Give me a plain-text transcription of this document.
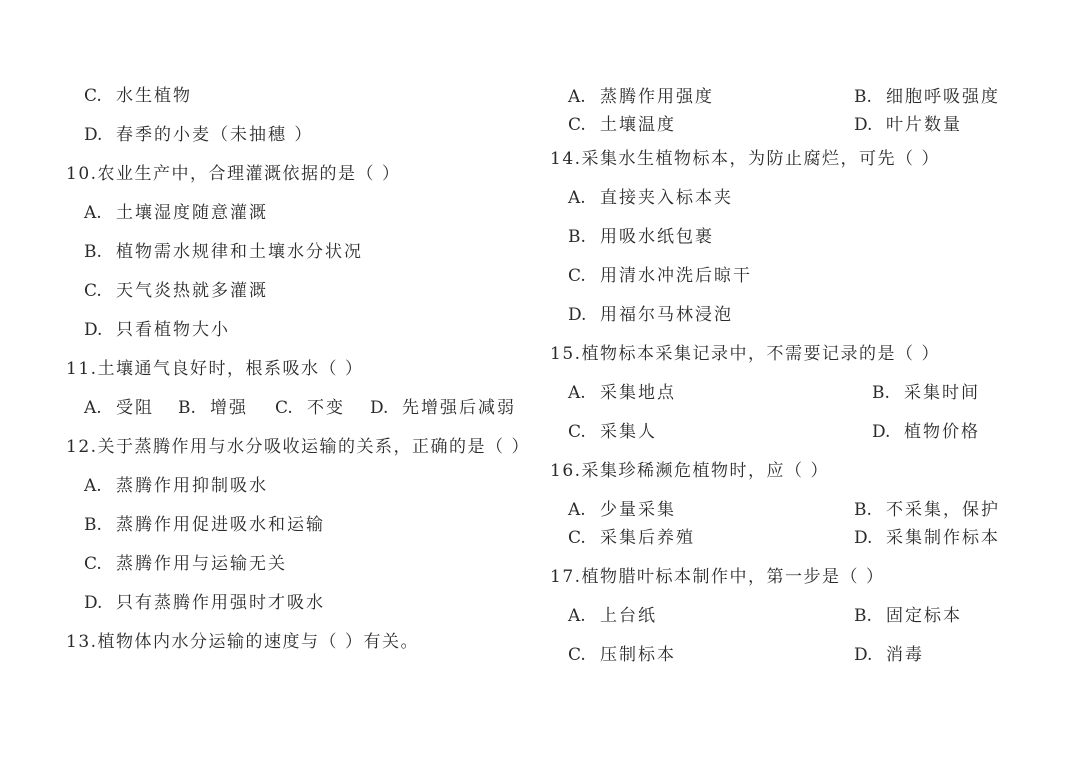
C. 水生植物
D. 春季的小麦（未抽穗 ）
10.农业生产中，合理灌溉依据的是（ ）
A. 土壤湿度随意灌溉
B. 植物需水规律和土壤水分状况
C. 天气炎热就多灌溉
D. 只看植物大小
11.土壤通气良好时，根系吸水（ ）
A. 受阻 B. 增强 C. 不变 D. 先增强后减弱
12.关于蒸腾作用与水分吸收运输的关系，正确的是（ ）
A. 蒸腾作用抑制吸水
B. 蒸腾作用促进吸水和运输
C. 蒸腾作用与运输无关
D. 只有蒸腾作用强时才吸水
13.植物体内水分运输的速度与（ ）有关。
A. 蒸腾作用强度	B. 细胞呼吸强度
C. 土壤温度	D. 叶片数量
14.采集水生植物标本，为防止腐烂，可先（ ）
A. 直接夹入标本夹
B. 用吸水纸包裹
C. 用清水冲洗后晾干
D. 用福尔马林浸泡
15.植物标本采集记录中，不需要记录的是（ ）
A. 采集地点	B. 采集时间
C. 采集人	D. 植物价格
16.采集珍稀濒危植物时，应（ ）
A. 少量采集	B. 不采集，保护
C. 采集后养殖	D. 采集制作标本
17.植物腊叶标本制作中，第一步是（ ）
A. 上台纸	B. 固定标本
C. 压制标本	D. 消毒
